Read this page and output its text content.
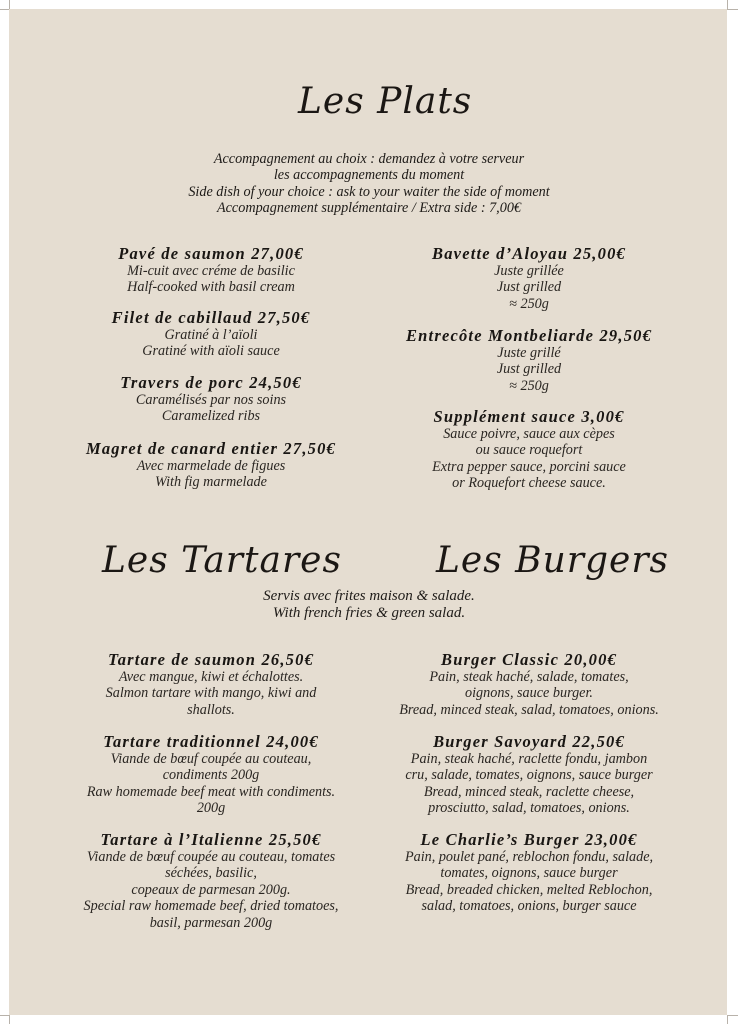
Les Plats
Accompagnement au choix : demandez à votre serveur
les accompagnements du moment
Side dish of your choice : ask to your waiter the side of moment
Accompagnement supplémentaire / Extra side : 7,00€
Pavé de saumon 27,00€
Mi-cuit avec créme de basilic
Half-cooked with basil cream
Filet de cabillaud 27,50€
Gratiné à l’aïoli
Gratiné with aïoli sauce
Travers de porc 24,50€
Caramélisés par nos soins
Caramelized ribs
Magret de canard entier 27,50€
Avec marmelade de figues
With fig marmelade
Bavette d’Aloyau 25,00€
Juste grillée
Just grilled
≈ 250g
Entrecôte Montbeliarde 29,50€
Juste grillé
Just grilled
≈ 250g
Supplément sauce 3,00€
Sauce poivre, sauce aux cèpes
ou sauce roquefort
Extra pepper sauce, porcini sauce
or Roquefort cheese sauce.
Les Tartares	Les Burgers
Servis avec frites maison & salade.
With french fries & green salad.
Tartare de saumon 26,50€
Avec mangue, kiwi et échalottes.
Salmon tartare with mango, kiwi and
shallots.
Tartare traditionnel 24,00€
Viande de bœuf coupée au couteau,
condiments 200g
Raw homemade beef meat with condiments.
200g
Tartare à l’Italienne 25,50€
Viande de bœuf coupée au couteau, tomates
séchées, basilic,
copeaux de parmesan 200g.
Special raw homemade beef, dried tomatoes,
basil, parmesan 200g
Burger Classic 20,00€
Pain, steak haché, salade, tomates,
oignons, sauce burger.
Bread, minced steak, salad, tomatoes, onions.
Burger Savoyard 22,50€
Pain, steak haché, raclette fondu, jambon
cru, salade, tomates, oignons, sauce burger
Bread, minced steak, raclette cheese,
prosciutto, salad, tomatoes, onions.
Le Charlie’s Burger 23,00€
Pain, poulet pané, reblochon fondu, salade,
tomates, oignons, sauce burger
Bread, breaded chicken, melted Reblochon,
salad, tomatoes, onions, burger sauce
